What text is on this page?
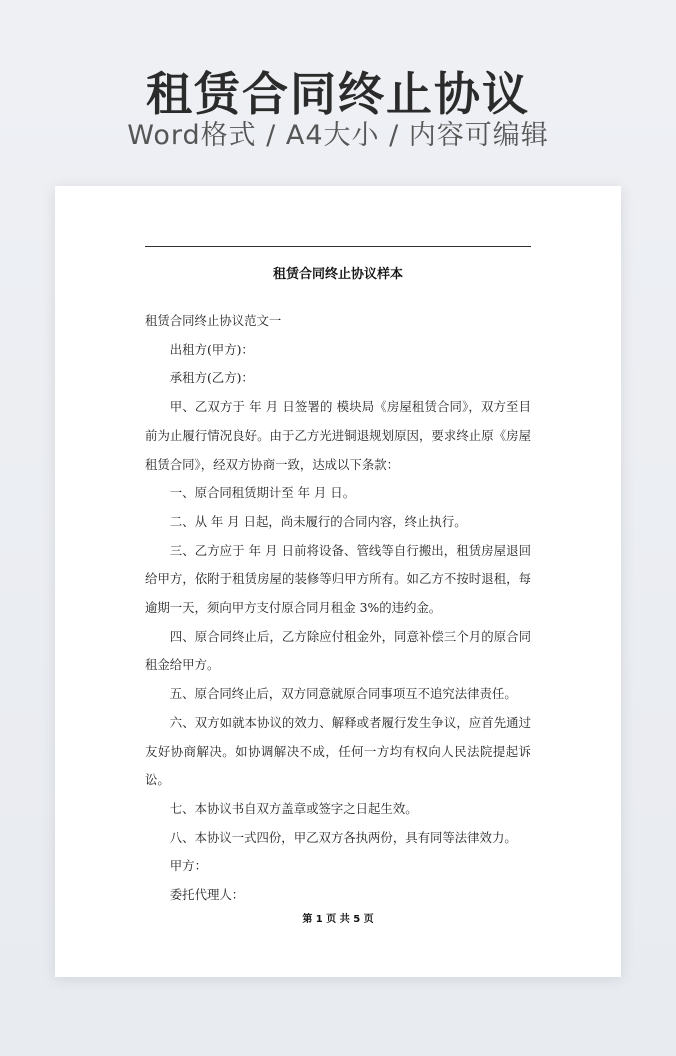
租赁合同终止协议
Word格式 / A4大小 / 内容可编辑
租赁合同终止协议样本

租赁合同终止协议范文一

出租方(甲方)：

承租方(乙方)：

甲、乙双方于 年 月 日签署的 模块局《房屋租赁合同》，双方至目前为止履行情况良好。由于乙方光进铜退规划原因，要求终止原《房屋租赁合同》，经双方协商一致，达成以下条款：

一、原合同租赁期计至 年 月 日。

二、从 年 月 日起，尚未履行的合同内容，终止执行。

三、乙方应于 年 月 日前将设备、管线等自行搬出，租赁房屋退回给甲方，依附于租赁房屋的装修等归甲方所有。如乙方不按时退租，每逾期一天，须向甲方支付原合同月租金 3%的违约金。

四、原合同终止后，乙方除应付租金外，同意补偿三个月的原合同租金给甲方。

五、原合同终止后，双方同意就原合同事项互不追究法律责任。

六、双方如就本协议的效力、解释或者履行发生争议，应首先通过友好协商解决。如协调解决不成，任何一方均有权向人民法院提起诉讼。

七、本协议书自双方盖章或签字之日起生效。

八、本协议一式四份，甲乙双方各执两份，具有同等法律效力。

甲方：

委托代理人：

第 1 页 共 5 页
